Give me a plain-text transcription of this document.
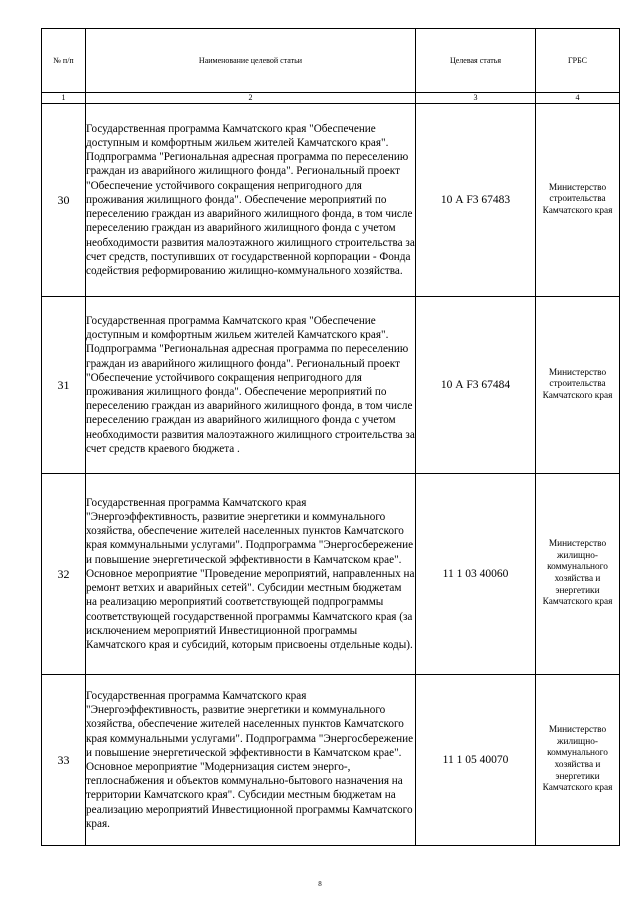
№ п/п	Наименование целевой статьи	Целевая статья	ГРБС
1	2	3	4
30	Государственная программа Камчатского края "Обеспечение доступным и комфортным жильем жителей Камчатского края". Подпрограмма "Региональная адресная программа по переселению граждан из аварийного жилищного фонда". Региональный проект "Обеспечение устойчивого сокращения непригодного для проживания жилищного фонда". Обеспечение мероприятий по переселению граждан из аварийного жилищного фонда, в том числе переселению граждан из аварийного жилищного фонда с учетом необходимости развития малоэтажного жилищного строительства за счет средств, поступивших от государственной корпорации - Фонда содействия реформированию жилищно-коммунального хозяйства.	10 А F3 67483	Министерство строительства Камчатского края
31	Государственная программа Камчатского края "Обеспечение доступным и комфортным жильем жителей Камчатского края". Подпрограмма "Региональная адресная программа по переселению граждан из аварийного жилищного фонда". Региональный проект "Обеспечение устойчивого сокращения непригодного для проживания жилищного фонда". Обеспечение мероприятий по переселению граждан из аварийного жилищного фонда, в том числе переселению граждан из аварийного жилищного фонда с учетом необходимости развития малоэтажного жилищного строительства за счет средств краевого бюджета .	10 А F3 67484	Министерство строительства Камчатского края
32	Государственная программа Камчатского края "Энергоэффективность, развитие энергетики и коммунального хозяйства, обеспечение жителей населенных пунктов Камчатского края коммунальными услугами". Подпрограмма "Энергосбережение и повышение энергетической эффективности в Камчатском крае". Основное мероприятие "Проведение мероприятий, направленных на ремонт ветхих и аварийных сетей". Субсидии местным бюджетам на реализацию мероприятий соответствующей подпрограммы соответствующей государственной программы Камчатского края (за исключением мероприятий Инвестиционной программы Камчатского края и субсидий, которым присвоены отдельные коды).	11 1 03 40060	Министерство жилищно-коммунального хозяйства и энергетики Камчатского края
33	Государственная программа Камчатского края "Энергоэффективность, развитие энергетики и коммунального хозяйства, обеспечение жителей населенных пунктов Камчатского края коммунальными услугами". Подпрограмма "Энергосбережение и повышение энергетической эффективности в Камчатском крае". Основное мероприятие "Модернизация систем энерго-, теплоснабжения и объектов коммунально-бытового назначения на территории Камчатского края". Субсидии местным бюджетам на реализацию мероприятий Инвестиционной программы Камчатского края.	11 1 05 40070	Министерство жилищно-коммунального хозяйства и энергетики Камчатского края
8
